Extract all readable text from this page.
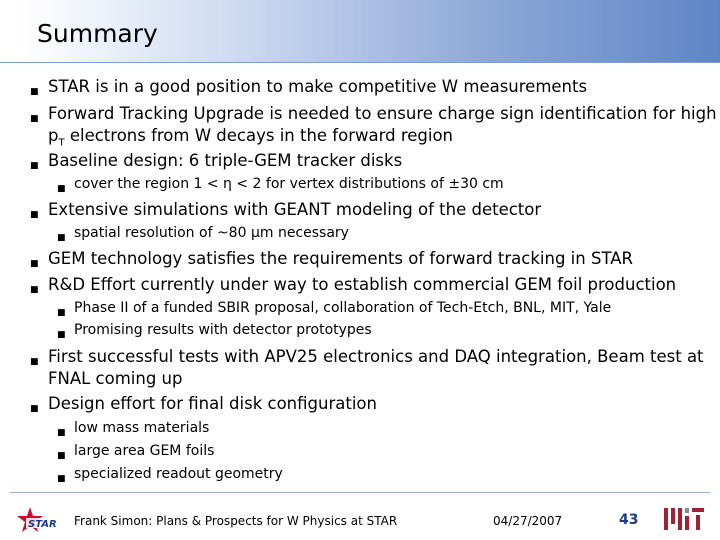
Summary
■ STAR is in a good position to make competitive W measurements
■ Forward Tracking Upgrade is needed to ensure charge sign identification for high
$p_T$ electrons from W decays in the forward region
■ Baseline design: 6 triple-GEM tracker disks
■ cover the region 1 < η < 2 for vertex distributions of ±30 cm
■ Extensive simulations with GEANT modeling of the detector
■ spatial resolution of ~80 μm necessary
■ GEM technology satisfies the requirements of forward tracking in STAR
■ R&D Effort currently under way to establish commercial GEM foil production
■ Phase II of a funded SBIR proposal, collaboration of Tech-Etch, BNL, MIT, Yale
■ Promising results with detector prototypes
■ First successful tests with APV25 electronics and DAQ integration, Beam test at
FNAL coming up
■ Design effort for final disk configuration
■ low mass materials
■ large area GEM foils
■ specialized readout geometry
STAR Frank Simon: Plans & Prospects for W Physics at STAR	04/27/2007	43
